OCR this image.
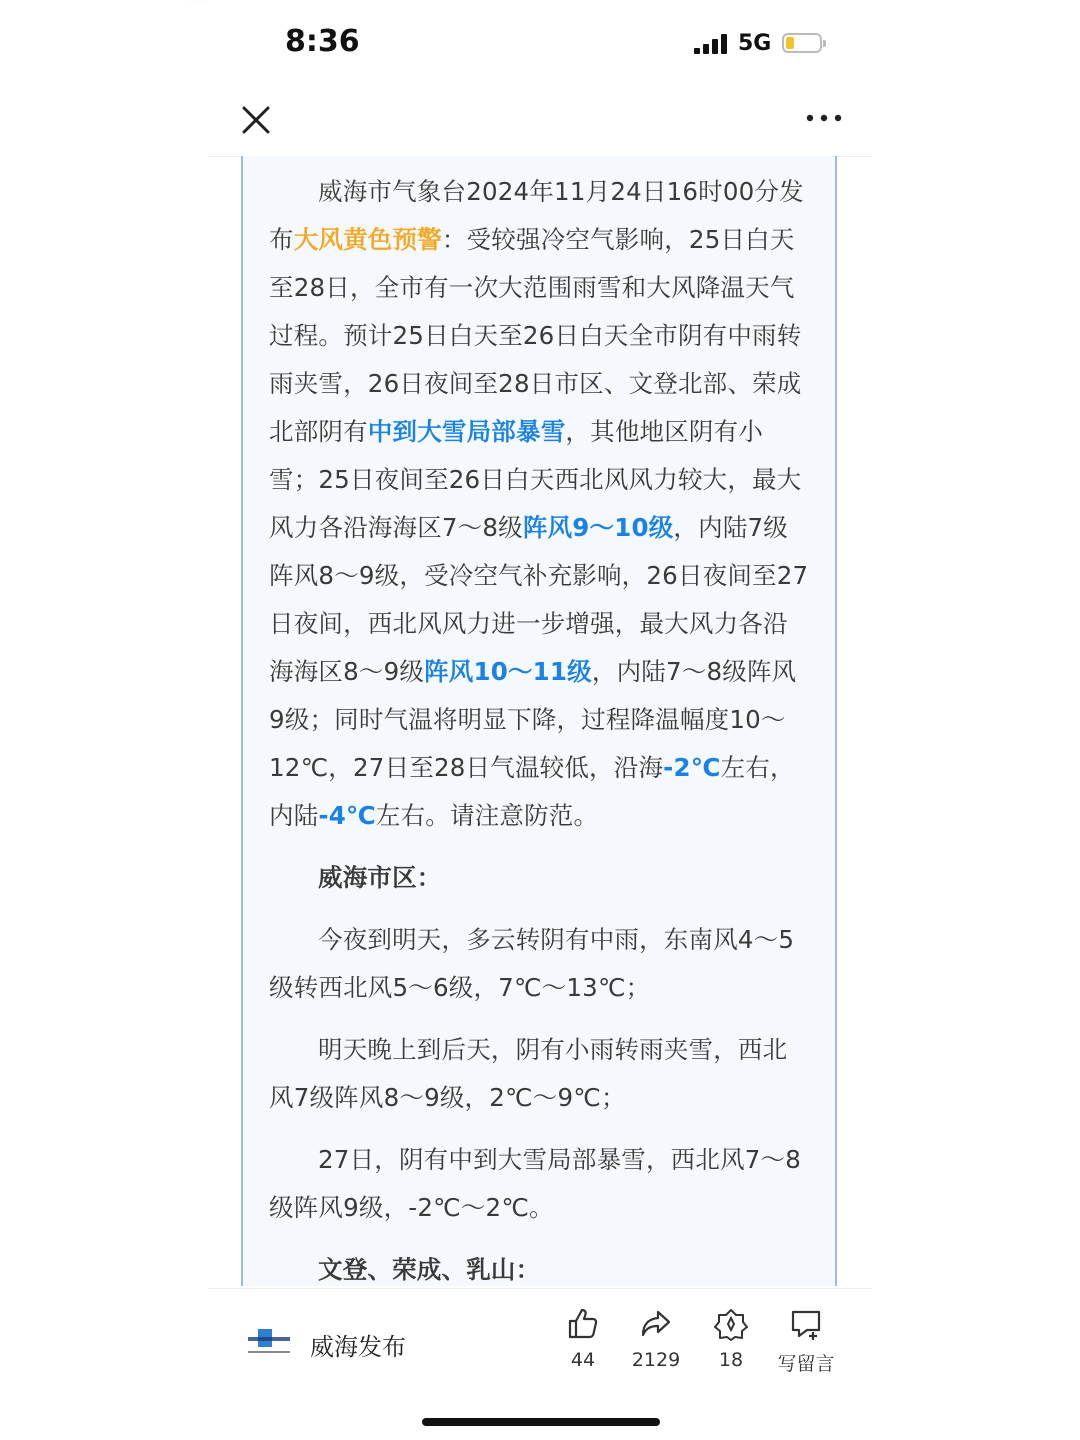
8:36	5G

威海市气象台2024年11月24日16时00分发布大风黄色预警：受较强冷空气影响，25日白天至28日，全市有一次大范围雨雪和大风降温天气过程。预计25日白天至26日白天全市阴有中雨转雨夹雪，26日夜间至28日市区、文登北部、荣成北部阴有中到大雪局部暴雪，其他地区阴有小雪；25日夜间至26日白天西北风风力较大，最大风力各沿海海区7～8级阵风9～10级，内陆7级阵风8～9级，受冷空气补充影响，26日夜间至27日夜间，西北风风力进一步增强，最大风力各沿海海区8～9级阵风10～11级，内陆7～8级阵风9级；同时气温将明显下降，过程降温幅度10～12℃，27日至28日气温较低，沿海-2℃左右，内陆-4℃左右。请注意防范。

威海市区：

今夜到明天，多云转阴有中雨，东南风4～5级转西北风5～6级，7℃～13℃；

明天晚上到后天，阴有小雨转雨夹雪，西北风7级阵风8～9级，2℃～9℃；

27日，阴有中到大雪局部暴雪，西北风7～8级阵风9级，-2℃～2℃。

文登、荣成、乳山：

威海发布	44	2129	18	写留言
